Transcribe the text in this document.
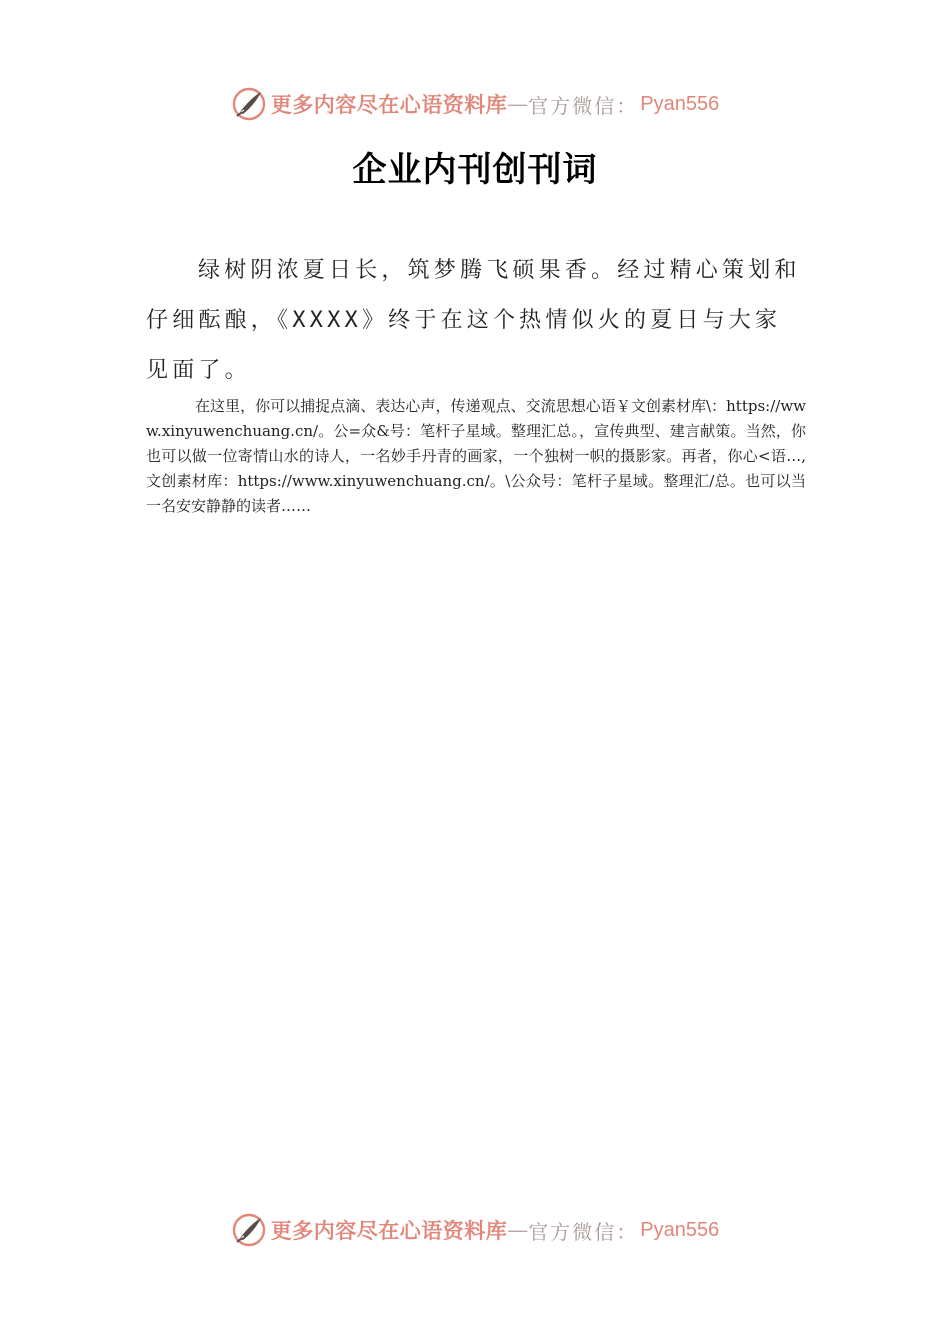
更多内容尽在心语资料库 — 官方微信： Pyan556
企业内刊创刊词

绿树阴浓夏日长，筑梦腾飞硕果香。经过精心策划和仔细酝酿，《XXXX》终于在这个热情似火的夏日与大家见面了。

在这里，你可以捕捉点滴、表达心声，传递观点、交流思想心语￥文创素材库\：https://www.xinyuwenchuang.cn/。公=众&号：笔杆子星域。整理汇总。，宣传典型、建言献策。当然，你也可以做一位寄情山水的诗人，一名妙手丹青的画家，一个独树一帜的摄影家。再者，你心<语…,文创素材库：https://www.xinyuwenchuang.cn/。\公众号：笔杆子星域。整理汇/总。也可以当一名安安静静的读者……

更多内容尽在心语资料库 — 官方微信： Pyan556
